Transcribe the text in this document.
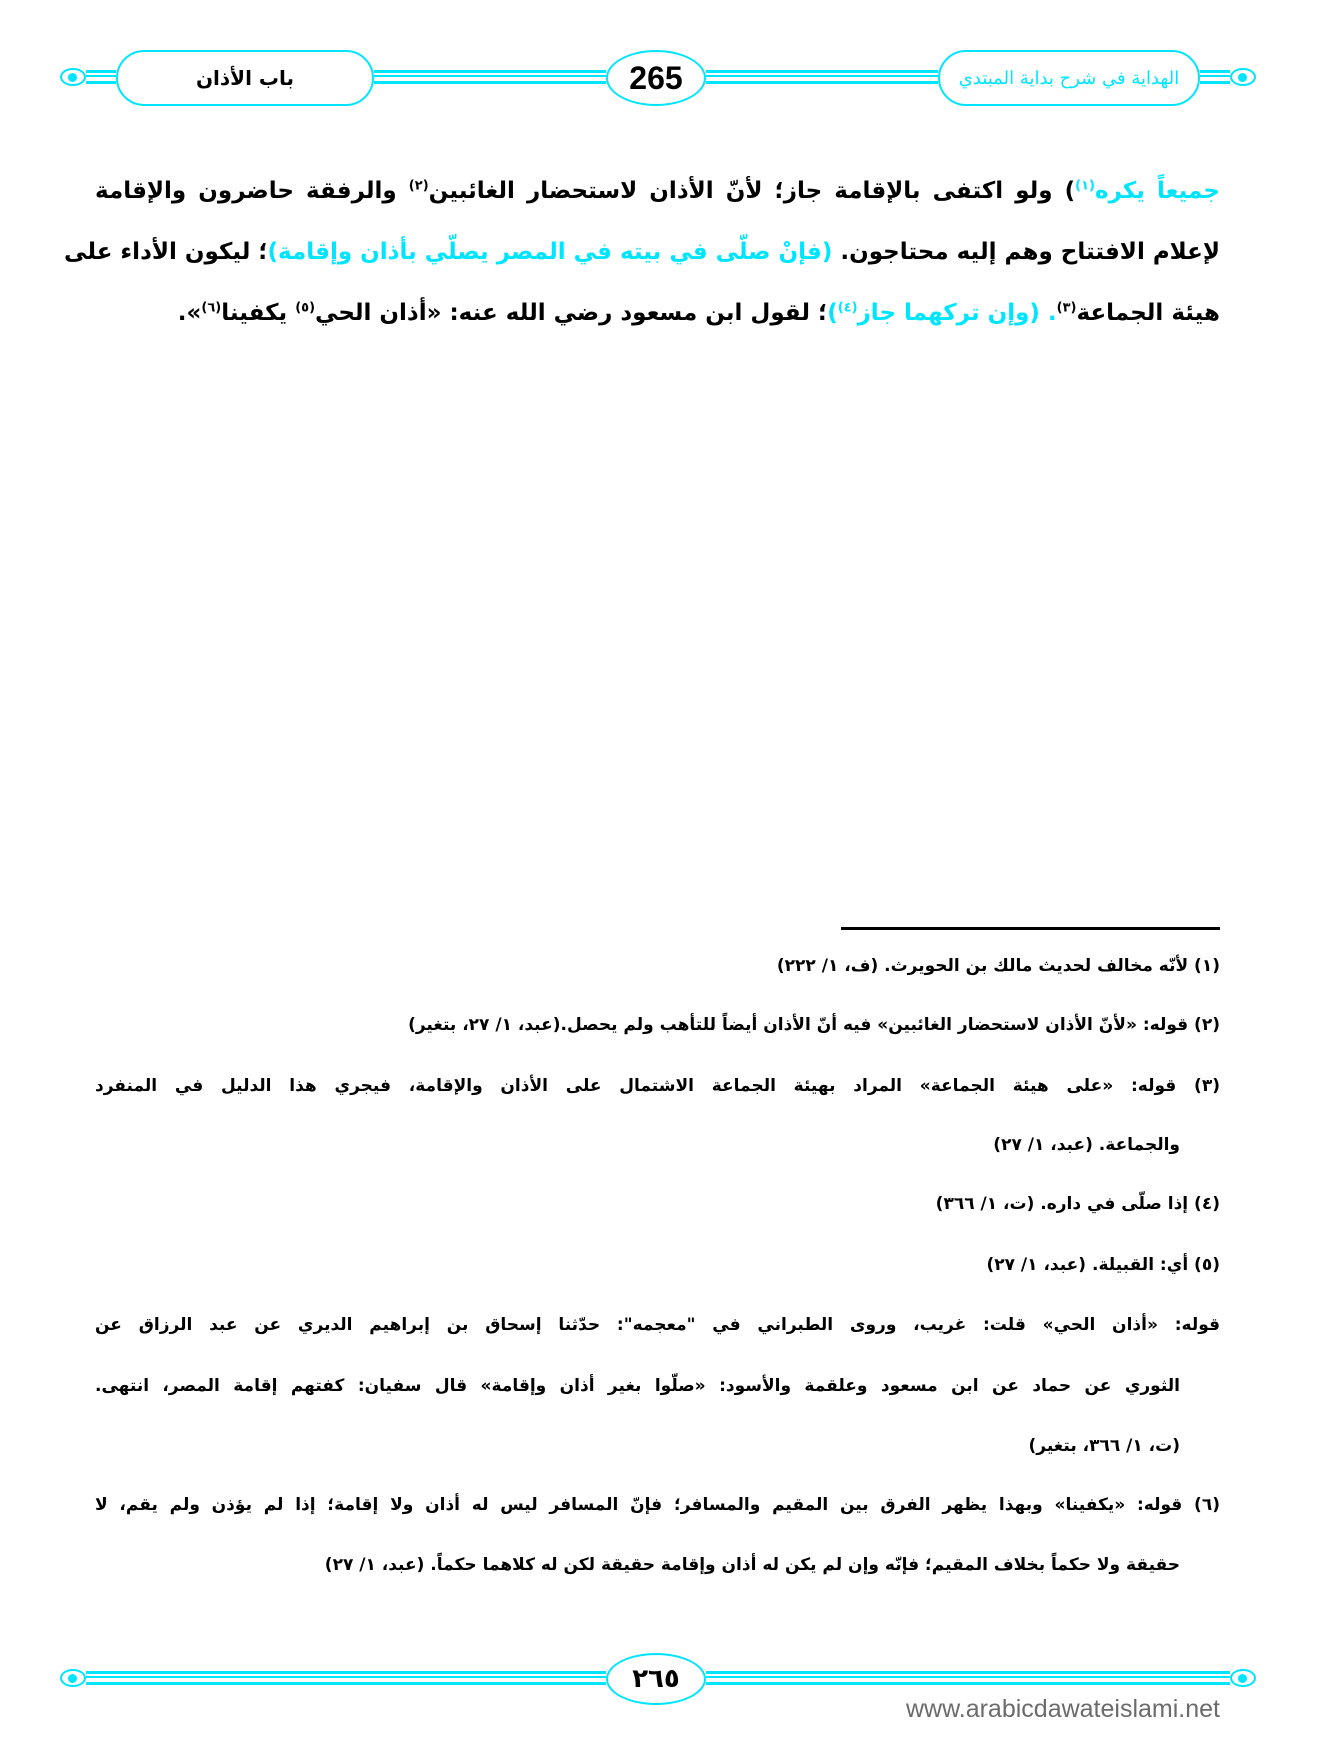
باب الأذان	265	الهداية في شرح بداية المبتدي
جميعاً يكره$^{(١)}$) ولو اكتفى بالإقامة جاز؛ لأنّ الأذان لاستحضار الغائبين$^{(٢)}$ والرفقة حاضرون والإقامة
لإعلام الافتتاح وهم إليه محتاجون. (فإنْ صلّى في بيته في المصر يصلّي بأذان وإقامة)؛ ليكون الأداء على
هيئة الجماعة$^{(٣)}$. (وإن تركهما جاز$^{(٤)}$)؛ لقول ابن مسعود رضي الله عنه: «أذان الحي$^{(٥)}$ يكفينا$^{(٦)}$».
(١) لأنّه مخالف لحديث مالك بن الحويرث. (ف، ١/ ٢٢٢)
(٢) قوله: «لأنّ الأذان لاستحضار الغائبين» فيه أنّ الأذان أيضاً للتأهب ولم يحصل.(عبد، ١/ ٢٧، بتغير)
(٣) قوله: «على هيئة الجماعة» المراد بهيئة الجماعة الاشتمال على الأذان والإقامة، فيجري هذا الدليل في المنفرد
والجماعة. (عبد، ١/ ٢٧)
(٤) إذا صلّى في داره. (ت، ١/ ٣٦٦)
(٥) أي: القبيلة. (عبد، ١/ ٢٧)
قوله: «أذان الحي» قلت: غريب، وروى الطبراني في "معجمه": حدّثنا إسحاق بن إبراهيم الديري عن عبد الرزاق عن
الثوري عن حماد عن ابن مسعود وعلقمة والأسود: «صلّوا بغير أذان وإقامة» قال سفيان: كفتهم إقامة المصر، انتهى.
(ت، ١/ ٣٦٦، بتغير)
(٦) قوله: «يكفينا» وبهذا يظهر الفرق بين المقيم والمسافر؛ فإنّ المسافر ليس له أذان ولا إقامة؛ إذا لم يؤذن ولم يقم، لا
حقيقة ولا حكماً بخلاف المقيم؛ فإنّه وإن لم يكن له أذان وإقامة حقيقة لكن له كلاهما حكماً. (عبد، ١/ ٢٧)
٢٦٥
www.arabicdawateislami.net
